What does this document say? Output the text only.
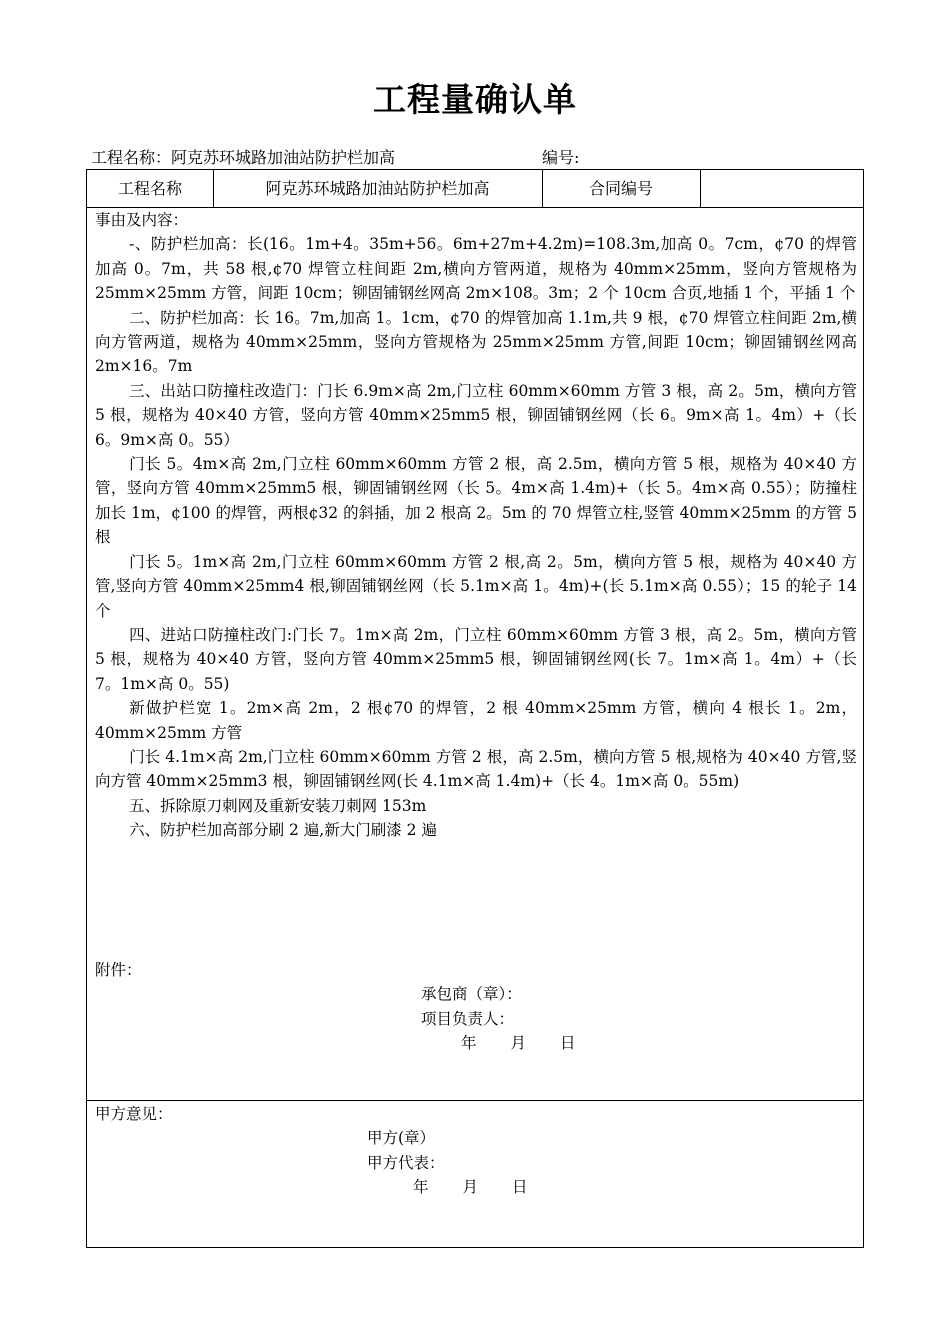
工程量确认单
工程名称：阿克苏环城路加油站防护栏加高	编号:
工程名称	阿克苏环城路加油站防护栏加高	合同编号

事由及内容：

-、防护栏加高：长(16。1m+4。35m+56。6m+27m+4.2m)=108.3m,加高 0。7cm，¢70 的焊管加高 0。7m，共 58 根,¢70 焊管立柱间距 2m,横向方管两道，规格为 40mm×25mm，竖向方管规格为 25mm×25mm 方管，间距 10cm；铆固铺钢丝网高 2m×108。3m；2 个 10cm 合页,地插 1 个，平插 1 个

二、防护栏加高：长 16。7m,加高 1。1cm，¢70 的焊管加高 1.1m,共 9 根，¢70 焊管立柱间距 2m,横向方管两道，规格为 40mm×25mm，竖向方管规格为 25mm×25mm 方管,间距 10cm；铆固铺钢丝网高 2m×16。7m

三、出站口防撞柱改造门：门长 6.9m×高 2m,门立柱 60mm×60mm 方管 3 根，高 2。5m，横向方管 5 根，规格为 40×40 方管，竖向方管 40mm×25mm5 根，铆固铺钢丝网（长 6。9m×高 1。4m）+（长 6。9m×高 0。55）

门长 5。4m×高 2m,门立柱 60mm×60mm 方管 2 根，高 2.5m，横向方管 5 根，规格为 40×40 方管，竖向方管 40mm×25mm5 根，铆固铺钢丝网（长 5。4m×高 1.4m)+（长 5。4m×高 0.55）；防撞柱加长 1m，¢100 的焊管，两根¢32 的斜插，加 2 根高 2。5m 的 70 焊管立柱,竖管 40mm×25mm 的方管 5 根

门长 5。1m×高 2m,门立柱 60mm×60mm 方管 2 根,高 2。5m，横向方管 5 根，规格为 40×40 方管,竖向方管 40mm×25mm4 根,铆固铺钢丝网（长 5.1m×高 1。4m)+(长 5.1m×高 0.55）；15 的轮子 14 个

四、进站口防撞柱改门:门长 7。1m×高 2m，门立柱 60mm×60mm 方管 3 根，高 2。5m，横向方管 5 根，规格为 40×40 方管，竖向方管 40mm×25mm5 根，铆固铺钢丝网(长 7。1m×高 1。4m）+（长 7。1m×高 0。55)

新做护栏宽 1。2m×高 2m，2 根¢70 的焊管，2 根 40mm×25mm 方管，横向 4 根长 1。2m，40mm×25mm 方管

门长 4.1m×高 2m,门立柱 60mm×60mm 方管 2 根，高 2.5m，横向方管 5 根,规格为 40×40 方管,竖向方管 40mm×25mm3 根，铆固铺钢丝网(长 4.1m×高 1.4m)+（长 4。1m×高 0。55m)

五、拆除原刀刺网及重新安装刀刺网 153m

六、防护栏加高部分刷 2 遍,新大门刷漆 2 遍

附件：

承包商（章）：

项目负责人：

年 月 日

甲方意见：

甲方(章）

甲方代表：

年 月 日
